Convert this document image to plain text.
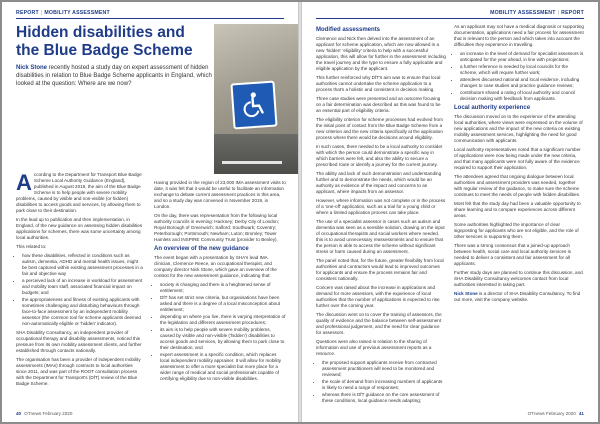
REPORT | MOBILITY ASSESSMENT
Hidden disabilities and the Blue Badge Scheme

Nick Stone recently hosted a study day on expert assessment of hidden disabilities in relation to Blue Badge Scheme applicants in England, which looked at the question: Where are we now?

According to the Department for Transport Blue Badge Scheme Local Authority Guidance (England), published in August 2019, the aim of the Blue Badge Scheme is to help people with severe mobility problems, caused by visible and non-visible (or hidden) disabilities to access goods and services, by allowing them to park close to their destination.

In the lead up to publication and then implementation, in England, of the new guidance on assessing hidden disabilities applications for schemes, there was some uncertainty among local authorities.

This related to:

• how these disabilities, reflected in conditions such as autism, dementia, ADHD and mental health issues, might be best captured within existing assessment processes in a fair and objective way
• a perceived lack of an increase in workload for assessment and mobility team staff, associated financial impact on budgets; and
• the appropriateness and fitness of existing applicants with sometimes challenging and disturbing behaviours through face-to-face assessment by an independent mobility assessor (the common tool for scheme applicants deemed non-automatically eligible or 'hidden' indicator).

SHA Disability Consultancy, an independent provider of occupational therapy and disability assessments, noticed this pressure from its own mobility assessment clients, and further established through contacts nationally.

The organisation has been a provider of independent mobility assessments (IMAs) through contracts to local authorities since 2011, and was part of the ROOT consultation process with the Department for Transport's (DfT) review of the Blue Badge Scheme.

Having provided in the region of 23,000 IMA assessment visits to date, it was felt that it would be useful to facilitate an information exchange to debate current assessment practices in this area, and so a study day was convened in November 2019, in London.

On the day, there was representation from the following local authority councils in evening: Hackney; Derby City of London; Royal Borough of Greenwich; Salford; Southwark; Coventry; Peterborough; Portsmouth; Newham; Luton; Bromley; Tower Hamlets and INSPIRE Community Trust (provider to Bexley).

An overview of the new guidance

The event began with a presentation by SHA's lead IMA clinician, Clemence Reece, an occupational therapist, and company director Nick Stone, which gave an overview of the context for the new assessment guidance, indicating that:

• society is changing and there is a heightened sense of entitlement;
• DfT has set strict new criteria, but organisations have been asked and there is a degree of a local misconception about entitlement;
• depending on where you live, there is varying interpretation of the legislation and different assessment procedures;
• its aim is to help people with severe mobility problems, caused by visible and non-visible ('hidden') disabilities to access goods and services, by allowing them to park close to their destination; and
• expert assessment in a specific condition, which replaces local independent mobility appraiser. It will allow for mobility assessment to offer a more specialist but more place for a wider range of medical and social professionals capable of certifying eligibility due to non-visible disabilities.
40 OTnews February 2020
MOBILITY ASSESSMENT | REPORT
Modified assessments

Clemence and Nick then delved into the assessment of an applicant for scheme application, which are now allowed in a new 'hidden' 'eligibility' criteria to help with a successful application, this will allow for further in the assessment including the travel journey and the type to ensure a fully applicable and eligible application by the applicant.

This further reinforced why DfT's aim was to ensure that local authorities cannot undertake the scheme application to a process that's a holistic and consistent in decision making.

Three case studies were presented and an outcome focusing on a fair determination was described as this was found to be an essential part of eligibility criteria.

The eligibility criterion for scheme processes had evolved from the initial point of contact from the Blue Badge Scheme from a new criterion and the new criteria specifically at the application process where there would be decisions around eligibility.

In such cases, there needed to be a local authority to consider with which the person could demonstrate a specific way in which barriers were felt, and also the ability to secure a prescribed route or identify a journey for the current journey.

The ability and lack of such demonstration and understanding further and to demonstrate the needs, which would be an authority as evidence of the impact and concerns to an applicant, where impacts from an assessor.

However, where information was not complete or in the process of a 'one-off' application, such as a trial for a young child or where a limited application process can take place.

The use of a specialist assessor in cases such as autism and dementia was seen as a sensible solution, drawing on the input of occupational therapists and social workers where needed, this is to avoid unnecessary reassessments and to ensure that the person is able to access the scheme without significant stress or harm caused during an assessment.

The panel noted that, for the future, greater flexibility from local authorities and contractors would lead to improved outcomes for applicants and ensure the process remains fair and consistent nationally.

Concern was raised about the increase in applications and demand for more assessors, with the experience of local authorities that the number of applications is expected to rise further over the coming year.

The discussion went on to cover the training of assessors, the quality of evidence and the balance between self-assessment and professional judgement, and the need for clear guidance for assessors.

Questions were also raised in relation to the sharing of information and use of previous assessment reports as a resource.

• the proposed support applicants receive from contracted assessment practitioners will need to be monitored and reviewed;
• the scale of demand from increasing numbers of applicants is likely to need a range of responses;
• whereas there is DfT guidance on the core assessment of these conditions, local guidance needs adapting;

As an applicant may not have a medical diagnosis or supporting documentation, applications need a fair process for assessment that is relevant to the person and which takes into account the difficulties they experience in travelling.

• an increase in the level of demand for specialist assessors is anticipated for the year ahead, in line with projections;
• a further reference is needed by local councils for the scheme, which will require further work;
• attendees discussed national and local evidence, including changes to case studies and practice guidance reviews;
• contributors shared a rating of local authority and council decision making with feedback from applicants.
Local authority experience

The discussion moved on to the experience of the attending local authorities, where views were expressed on the volume of new applications and the impact of the new criteria on existing mobility assessment services, highlighting the need for good communication with applicants.

Local authority representatives noted that a significant number of applications were now being made under the new criteria, and that many applicants were not fully aware of the evidence required to support their application.

The attendees agreed that ongoing dialogue between local authorities and assessment providers was needed, together with regular review of the guidance, to make sure the scheme continues to meet the needs of people with hidden disabilities.

Most felt that the study day had been a valuable opportunity to share learning and to compare experiences across different areas.

Some authorities highlighted the importance of clear signposting for applicants who are not eligible, and the role of other services in supporting them.

There was a strong consensus that a joined-up approach between health, social care and local authority services is needed to deliver a consistent and fair assessment for all applicants.

Further study days are planned to continue this discussion, and SHA Disability Consultancy welcomes contact from local authorities interested in taking part.

Nick Stone is a director of SHA Disability Consultancy. To find out more, visit the company website.

OTnews February 2020 41
